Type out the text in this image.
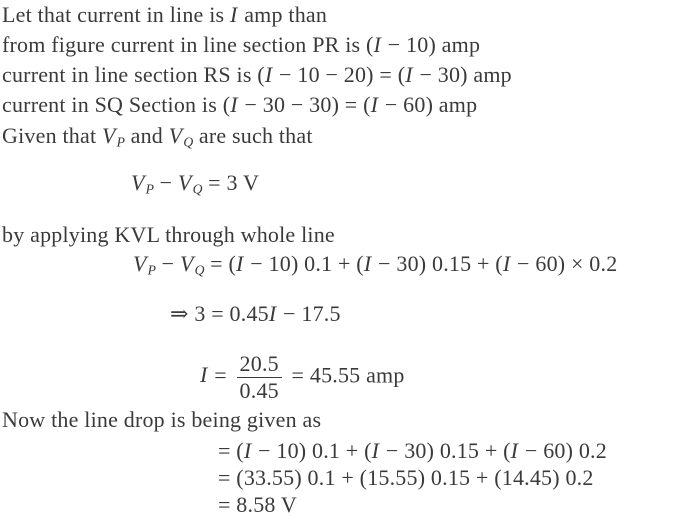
Let that current in line is I amp than
from figure current in line section PR is (I − 10) amp
current in line section RS is (I − 10 − 20) = (I − 30) amp
current in SQ Section is (I − 30 − 30) = (I − 60) amp
Given that VP and VQ are such that
VP − VQ = 3 V
by applying KVL through whole line
VP − VQ = (I − 10) 0.1 + (I − 30) 0.15 + (I − 60) × 0.2
⇒ 3 = 0.45I − 17.5
$I = \frac{20.5}{0.45} = 45.55$ amp
Now the line drop is being given as
= (I − 10) 0.1 + (I − 30) 0.15 + (I − 60) 0.2
= (33.55) 0.1 + (15.55) 0.15 + (14.45) 0.2
= 8.58 V
